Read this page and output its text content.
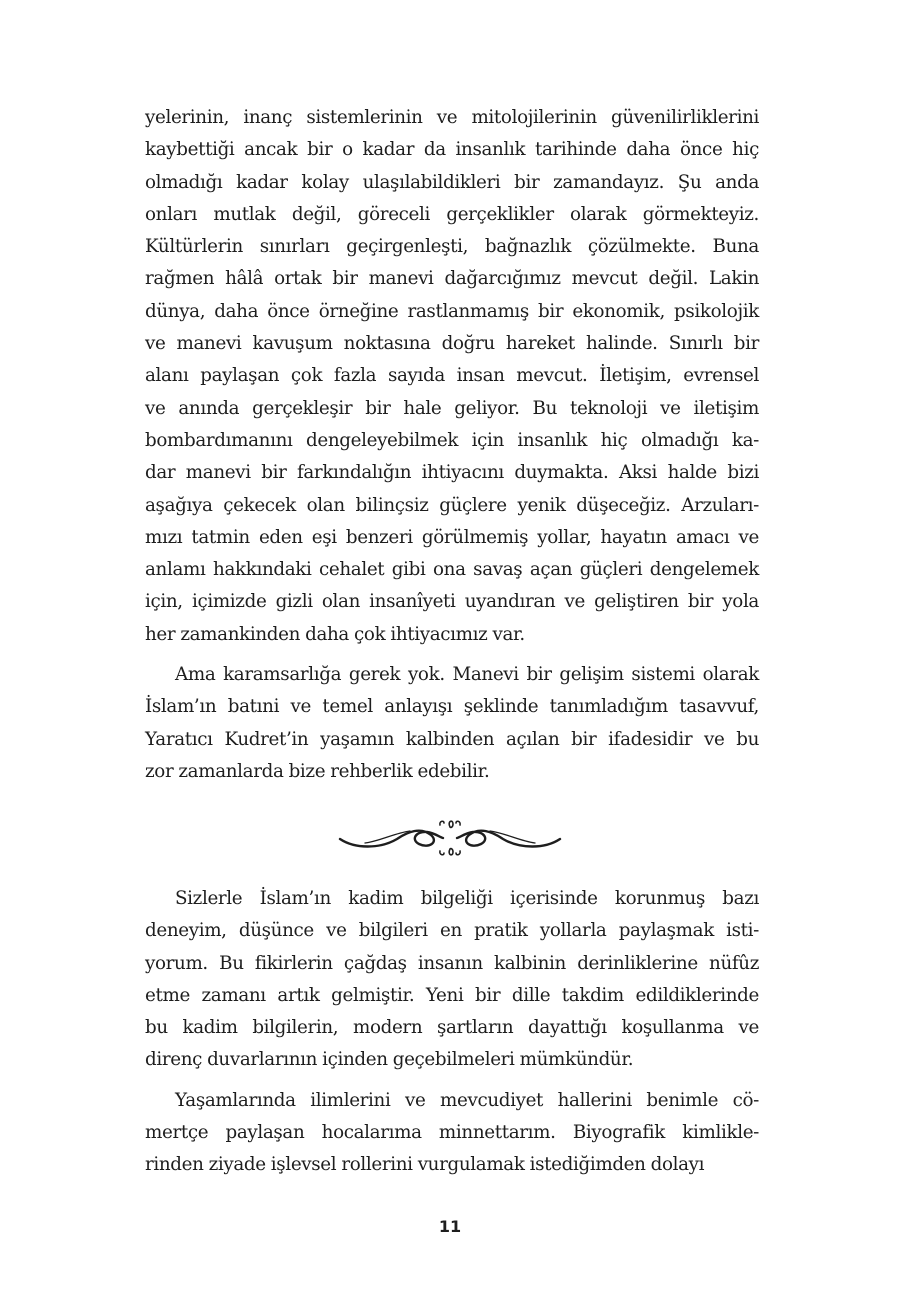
yelerinin, inanç sistemlerinin ve mitolojilerinin güvenilirliklerini
kaybettiği ancak bir o kadar da insanlık tarihinde daha önce hiç
olmadığı kadar kolay ulaşılabildikleri bir zamandayız. Şu anda
onları mutlak değil, göreceli gerçeklikler olarak görmekteyiz.
Kültürlerin sınırları geçirgenleşti, bağnazlık çözülmekte. Buna
rağmen hâlâ ortak bir manevi dağarcığımız mevcut değil. Lakin
dünya, daha önce örneğine rastlanmamış bir ekonomik, psikolojik
ve manevi kavuşum noktasına doğru hareket halinde. Sınırlı bir
alanı paylaşan çok fazla sayıda insan mevcut. İletişim, evrensel
ve anında gerçekleşir bir hale geliyor. Bu teknoloji ve iletişim
bombardımanını dengeleyebilmek için insanlık hiç olmadığı ka-
dar manevi bir farkındalığın ihtiyacını duymakta. Aksi halde bizi
aşağıya çekecek olan bilinçsiz güçlere yenik düşeceğiz. Arzuları-
mızı tatmin eden eşi benzeri görülmemiş yollar, hayatın amacı ve
anlamı hakkındaki cehalet gibi ona savaş açan güçleri dengelemek
için, içimizde gizli olan insanîyeti uyandıran ve geliştiren bir yola
her zamankinden daha çok ihtiyacımız var.

Ama karamsarlığa gerek yok. Manevi bir gelişim sistemi olarak
İslam’ın batıni ve temel anlayışı şeklinde tanımladığım tasavvuf,
Yaratıcı Kudret’in yaşamın kalbinden açılan bir ifadesidir ve bu
zor zamanlarda bize rehberlik edebilir.

Sizlerle İslam’ın kadim bilgeliği içerisinde korunmuş bazı
deneyim, düşünce ve bilgileri en pratik yollarla paylaşmak isti-
yorum. Bu fikirlerin çağdaş insanın kalbinin derinliklerine nüfûz
etme zamanı artık gelmiştir. Yeni bir dille takdim edildiklerinde
bu kadim bilgilerin, modern şartların dayattığı koşullanma ve
direnç duvarlarının içinden geçebilmeleri mümkündür.

Yaşamlarında ilimlerini ve mevcudiyet hallerini benimle cö-
mertçe paylaşan hocalarıma minnettarım. Biyografik kimlikle-
rinden ziyade işlevsel rollerini vurgulamak istediğimden dolayı

11
